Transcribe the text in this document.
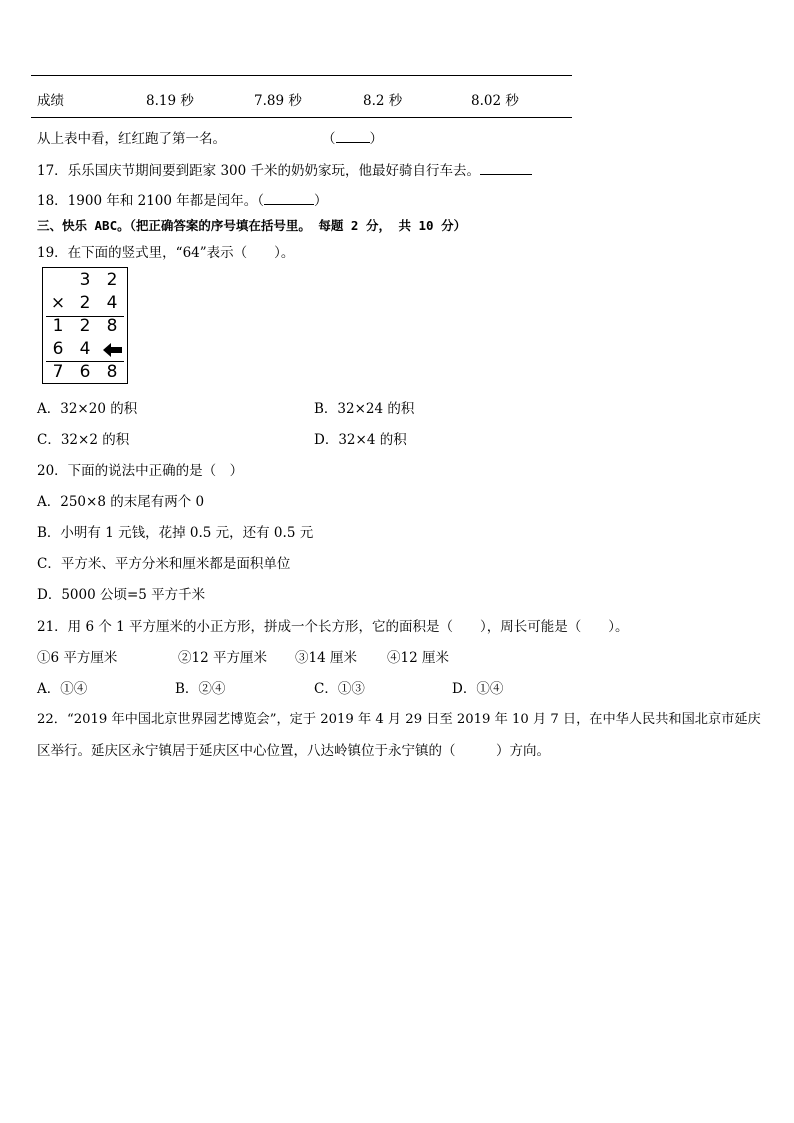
成绩	8.19 秒	7.89 秒	8.2 秒	8.02 秒
从上表中看，红红跑了第一名。	（	）
17．乐乐国庆节期间要到距家 300 千米的奶奶家玩，他最好骑自行车去。
18．1900 年和 2100 年都是闰年。（	）
三、快乐 ABC。（把正确答案的序号填在括号里。 每题 2 分， 共 10 分）
19．在下面的竖式里，“64”表示（　　）。
3 2
× 2 4
1 2 8
6 4
7 6 8
A．32×20 的积	B．32×24 的积
C．32×2 的积	D．32×4 的积
20．下面的说法中正确的是（　）
A．250×8 的末尾有两个 0
B．小明有 1 元钱，花掉 0.5 元，还有 0.5 元
C．平方米、平方分米和厘米都是面积单位
D．5000 公顷=5 平方千米
21．用 6 个 1 平方厘米的小正方形，拼成一个长方形，它的面积是（　　），周长可能是（　　）。
①6 平方厘米	②12 平方厘米 ③14 厘米 ④12 厘米
A．①④	B．②④	C．①③	D．①④
22．“2019 年中国北京世界园艺博览会”，定于 2019 年 4 月 29 日至 2019 年 10 月 7 日，在中华人民共和国北京市延庆
区举行。延庆区永宁镇居于延庆区中心位置，八达岭镇位于永宁镇的（　　　）方向。
